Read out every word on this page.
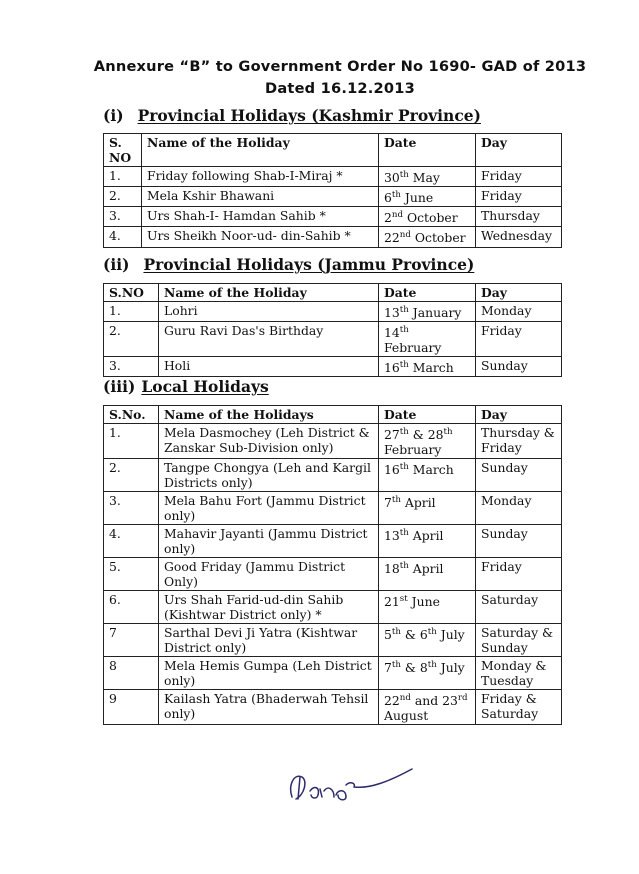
Annexure “B” to Government Order No 1690- GAD of 2013
Dated 16.12.2013
(i) Provincial Holidays (Kashmir Province)
S. NO	Name of the Holiday	Date	Day
1.	Friday following Shab-I-Miraj *	30th May	Friday
2.	Mela Kshir Bhawani	6th June	Friday
3.	Urs Shah-I- Hamdan Sahib *	2nd October	Thursday
4.	Urs Sheikh Noor-ud- din-Sahib *	22nd October	Wednesday
(ii) Provincial Holidays (Jammu Province)
S.NO	Name of the Holiday	Date	Day
1.	Lohri	13th January	Monday
2.	Guru Ravi Das's Birthday	14th February	Friday
3.	Holi	16th March	Sunday
(iii) Local Holidays
S.No.	Name of the Holidays	Date	Day
1.	Mela Dasmochey (Leh District & Zanskar Sub-Division only)	27th & 28th February	Thursday & Friday
2.	Tangpe Chongya (Leh and Kargil Districts only)	16th March	Sunday
3.	Mela Bahu Fort (Jammu District only)	7th April	Monday
4.	Mahavir Jayanti (Jammu District only)	13th April	Sunday
5.	Good Friday (Jammu District Only)	18th April	Friday
6.	Urs Shah Farid-ud-din Sahib (Kishtwar District only) *	21st June	Saturday
7	Sarthal Devi Ji Yatra (Kishtwar District only)	5th & 6th July	Saturday & Sunday
8	Mela Hemis Gumpa (Leh District only)	7th & 8th July	Monday & Tuesday
9	Kailash Yatra (Bhaderwah Tehsil only)	22nd and 23rd August	Friday & Saturday
